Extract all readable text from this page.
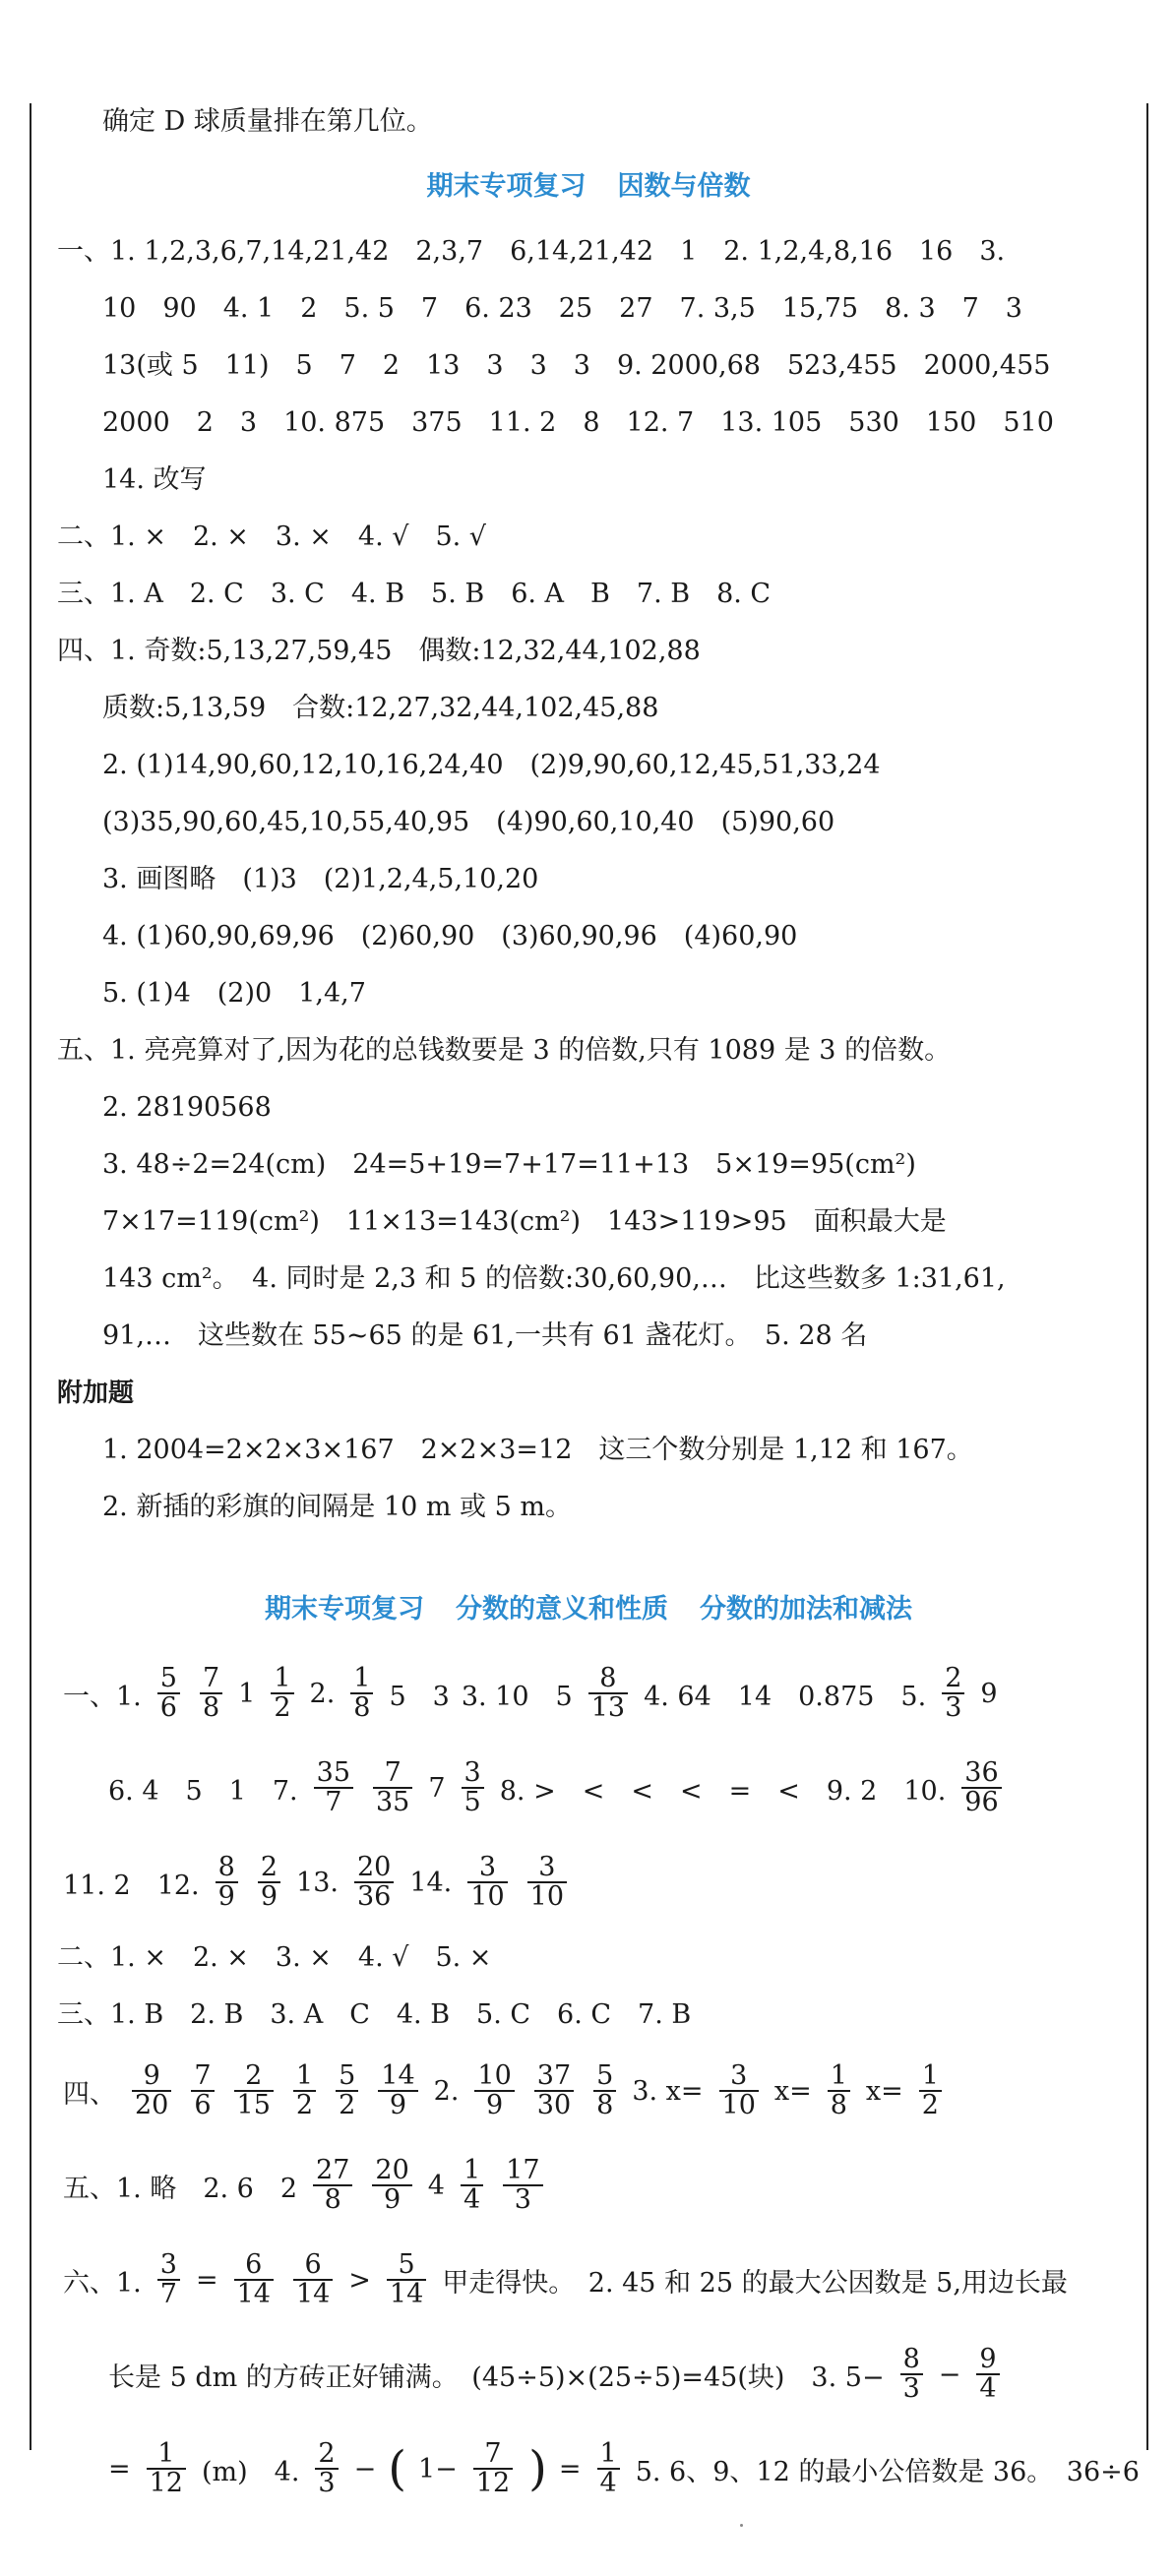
确定 D 球质量排在第几位。
期末专项复习 因数与倍数
一、1. 1,2,3,6,7,14,21,42　2,3,7　6,14,21,42　1　2. 1,2,4,8,16　16　3.
10　90　4. 1　2　5. 5　7　6. 23　25　27　7. 3,5　15,75　8. 3　7　3
13(或 5　11)　5　7　2　13　3　3　3　9. 2000,68　523,455　2000,455
2000　2　3　10. 875　375　11. 2　8　12. 7　13. 105　530　150　510
14. 改写
二、1. ×　2. ×　3. ×　4. √　5. √
三、1. A　2. C　3. C　4. B　5. B　6. A　B　7. B　8. C
四、1. 奇数:5,13,27,59,45　偶数:12,32,44,102,88
质数:5,13,59　合数:12,27,32,44,102,45,88
2. (1)14,90,60,12,10,16,24,40　(2)9,90,60,12,45,51,33,24
(3)35,90,60,45,10,55,40,95　(4)90,60,10,40　(5)90,60
3. 画图略　(1)3　(2)1,2,4,5,10,20
4. (1)60,90,69,96　(2)60,90　(3)60,90,96　(4)60,90
5. (1)4　(2)0　1,4,7
五、1. 亮亮算对了,因为花的总钱数要是 3 的倍数,只有 1089 是 3 的倍数。
2. 28190568
3. 48÷2=24(cm)　24=5+19=7+17=11+13　5×19=95(cm²)
7×17=119(cm²)　11×13=143(cm²)　143>119>95　面积最大是
143 cm²。　4. 同时是 2,3 和 5 的倍数:30,60,90,…　比这些数多 1:31,61,
91,…　这些数在 55~65 的是 61,一共有 61 盏花灯。　5. 28 名
附加题
1. 2004=2×2×3×167　2×2×3=12　这三个数分别是 1,12 和 167。
2. 新插的彩旗的间隔是 10 m 或 5 m。
期末专项复习 分数的意义和性质 分数的加法和减法
一、1. $\frac{5}{6} \frac{7}{8} 1 \frac{1}{2} 2$. $\frac{1}{8} 5$　3 3. 10　$5 \frac{8}{13} 4$. 64　14　0.875　5. $\frac{2}{3} 9$
6. 4　5　1　7. $\frac{35}{7} \frac{7}{35} 7 \frac{3}{5} 8$. >　<　<　<　=　<　9. 2　10. $\frac{36}{96}$
11. 2　12. $\frac{8}{9} \frac{2}{9} 13$. $\frac{20}{36} 14$. $\frac{3}{10} \frac{3}{10}$
二、1. ×　2. ×　3. ×　4. √　5. ×
三、1. B　2. B　3. A　C　4. B　5. C　6. C　7. B
四、 $\frac{9}{20} \frac{7}{6} \frac{2}{15} \frac{1}{2} \frac{5}{2} \frac{14}{9} 2$. $\frac{10}{9} \frac{37}{30} \frac{5}{8} 3$. $x= \frac{3}{10} x= \frac{1}{8} x= \frac{1}{2}$
五、1. 略　2. 6　$2 \frac{27}{8} \frac{20}{9} 4 \frac{1}{4} \frac{17}{3}$
六、1. $\frac{3}{7} = \frac{6}{14} \frac{6}{14} > \frac{5}{14}$ 甲走得快。　2. 45 和 25 的最大公因数是 5,用边长最
长是 5 dm 的方砖正好铺满。　(45÷5)×(25÷5)=45(块)　3. $5- \frac{8}{3} - \frac{9}{4}$
= $\frac{1}{12} (m)$　4. $\frac{2}{3}$ − ( $1- \frac{7}{12}$ ) = $\frac{1}{4} 5$. 6、9、12 的最小公倍数是 36。　36÷6
